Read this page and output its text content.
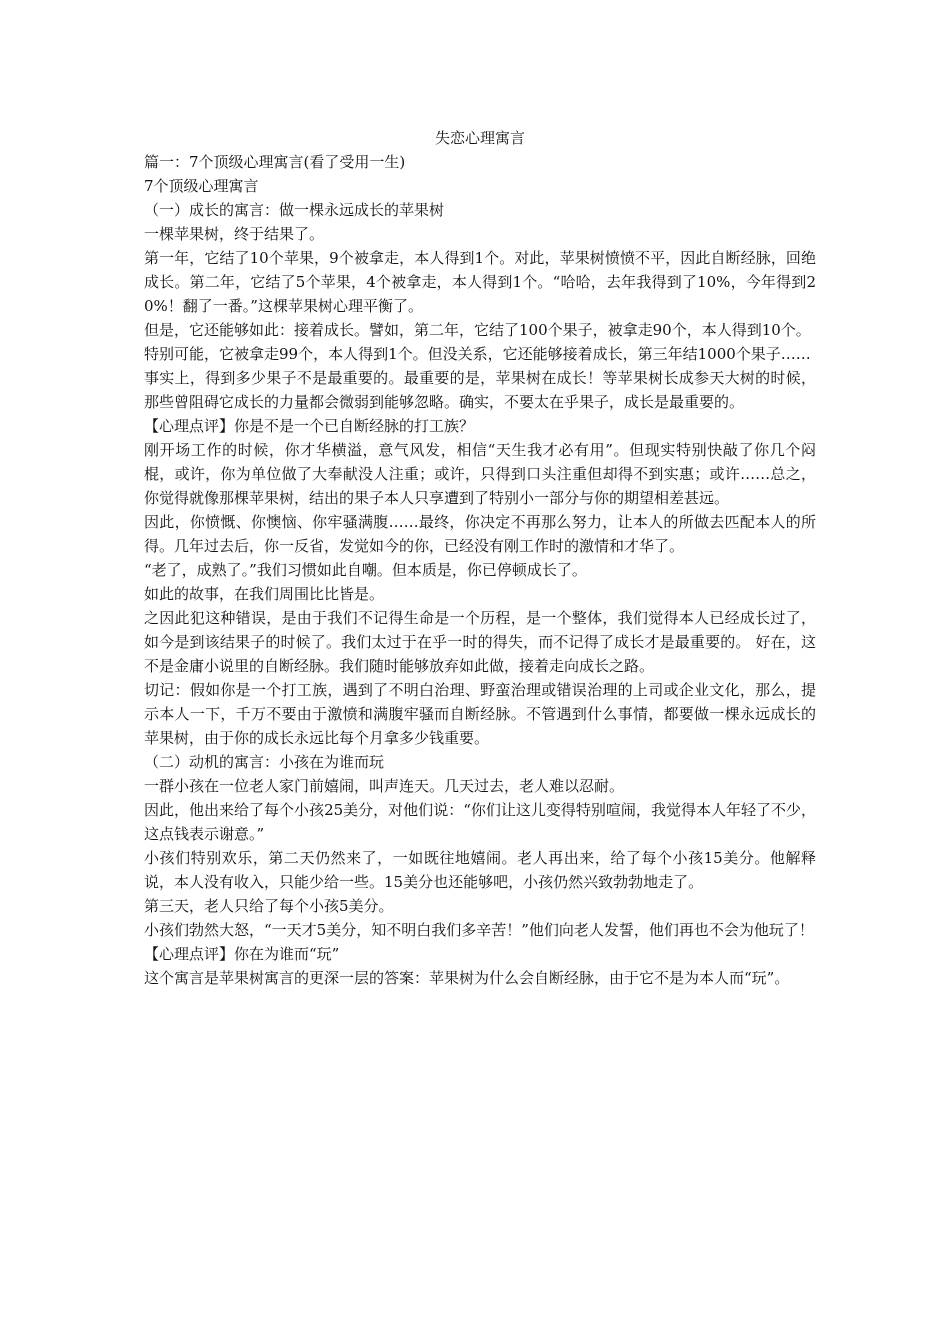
失恋心理寓言

篇一：7个顶级心理寓言(看了受用一生)

7个顶级心理寓言

（一）成长的寓言：做一棵永远成长的苹果树

一棵苹果树，终于结果了。

第一年，它结了10个苹果，9个被拿走，本人得到1个。对此，苹果树愤愤不平，因此自断经脉，回绝成长。第二年，它结了5个苹果，4个被拿走，本人得到1个。“哈哈，去年我得到了10%，今年得到20%！翻了一番。”这棵苹果树心理平衡了。

但是，它还能够如此：接着成长。譬如，第二年，它结了100个果子，被拿走90个，本人得到10个。

特别可能，它被拿走99个，本人得到1个。但没关系，它还能够接着成长，第三年结1000个果子……

事实上，得到多少果子不是最重要的。最重要的是，苹果树在成长！等苹果树长成参天大树的时候，那些曾阻碍它成长的力量都会微弱到能够忽略。确实，不要太在乎果子，成长是最重要的。

【心理点评】你是不是一个已自断经脉的打工族？

刚开场工作的时候，你才华横溢，意气风发，相信“天生我才必有用”。但现实特别快敲了你几个闷棍，或许，你为单位做了大奉献没人注重；或许，只得到口头注重但却得不到实惠；或许……总之，你觉得就像那棵苹果树，结出的果子本人只享遭到了特别小一部分与你的期望相差甚远。

因此，你愤慨、你懊恼、你牢骚满腹……最终，你决定不再那么努力，让本人的所做去匹配本人的所得。几年过去后，你一反省，发觉如今的你，已经没有刚工作时的激情和才华了。

“老了，成熟了。”我们习惯如此自嘲。但本质是，你已停顿成长了。

如此的故事，在我们周围比比皆是。

之因此犯这种错误，是由于我们不记得生命是一个历程，是一个整体，我们觉得本人已经成长过了，如今是到该结果子的时候了。我们太过于在乎一时的得失，而不记得了成长才是最重要的。 好在，这不是金庸小说里的自断经脉。我们随时能够放弃如此做，接着走向成长之路。

切记：假如你是一个打工族，遇到了不明白治理、野蛮治理或错误治理的上司或企业文化，那么，提示本人一下，千万不要由于激愤和满腹牢骚而自断经脉。不管遇到什么事情，都要做一棵永远成长的苹果树，由于你的成长永远比每个月拿多少钱重要。

（二）动机的寓言：小孩在为谁而玩

一群小孩在一位老人家门前嬉闹，叫声连天。几天过去，老人难以忍耐。

因此，他出来给了每个小孩25美分，对他们说：“你们让这儿变得特别喧闹，我觉得本人年轻了不少，这点钱表示谢意。”

小孩们特别欢乐，第二天仍然来了，一如既往地嬉闹。老人再出来，给了每个小孩15美分。他解释说，本人没有收入，只能少给一些。15美分也还能够吧，小孩仍然兴致勃勃地走了。

第三天，老人只给了每个小孩5美分。

小孩们勃然大怒，“一天才5美分，知不明白我们多辛苦！”他们向老人发誓，他们再也不会为他玩了！

【心理点评】你在为谁而“玩”

这个寓言是苹果树寓言的更深一层的答案：苹果树为什么会自断经脉，由于它不是为本人而“玩”。
